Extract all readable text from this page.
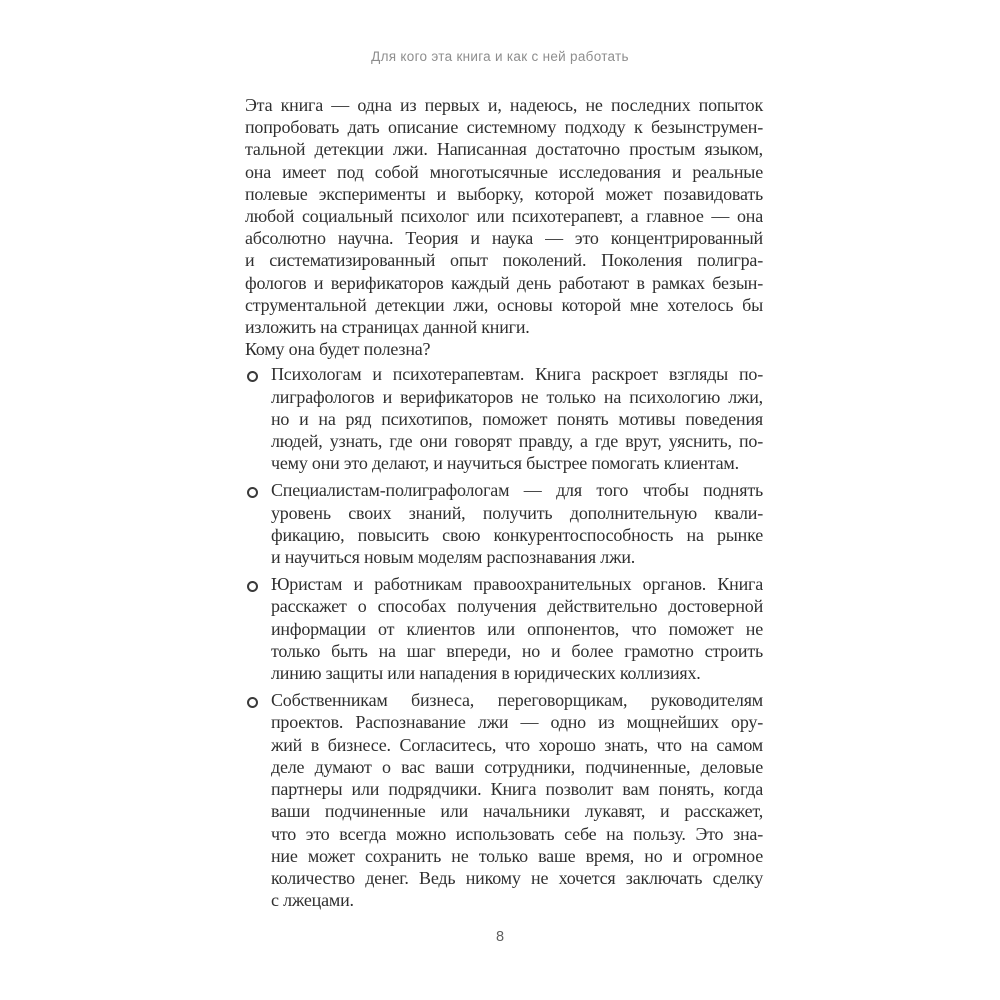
Для кого эта книга и как с ней работать
Эта книга — одна из первых и, надеюсь, не последних попыток
попробовать дать описание системному подходу к безынструмен-
тальной детекции лжи. Написанная достаточно простым языком,
она имеет под собой многотысячные исследования и реальные
полевые эксперименты и выборку, которой может позавидовать
любой социальный психолог или психотерапевт, а главное — она
абсолютно научна. Теория и наука — это концентрированный
и систематизированный опыт поколений. Поколения полигра-
фологов и верификаторов каждый день работают в рамках безын-
струментальной детекции лжи, основы которой мне хотелось бы
изложить на страницах данной книги.
Кому она будет полезна?
Психологам и психотерапевтам. Книга раскроет взгляды по-
лиграфологов и верификаторов не только на психологию лжи,
но и на ряд психотипов, поможет понять мотивы поведения
людей, узнать, где они говорят правду, а где врут, уяснить, по-
чему они это делают, и научиться быстрее помогать клиентам.
Специалистам-полиграфологам — для того чтобы поднять
уровень своих знаний, получить дополнительную квали-
фикацию, повысить свою конкурентоспособность на рынке
и научиться новым моделям распознавания лжи.
Юристам и работникам правоохранительных органов. Книга
расскажет о способах получения действительно достоверной
информации от клиентов или оппонентов, что поможет не
только быть на шаг впереди, но и более грамотно строить
линию защиты или нападения в юридических коллизиях.
Собственникам бизнеса, переговорщикам, руководителям
проектов. Распознавание лжи — одно из мощнейших ору-
жий в бизнесе. Согласитесь, что хорошо знать, что на самом
деле думают о вас ваши сотрудники, подчиненные, деловые
партнеры или подрядчики. Книга позволит вам понять, когда
ваши подчиненные или начальники лукавят, и расскажет,
что это всегда можно использовать себе на пользу. Это зна-
ние может сохранить не только ваше время, но и огромное
количество денег. Ведь никому не хочется заключать сделку
с лжецами.
8
